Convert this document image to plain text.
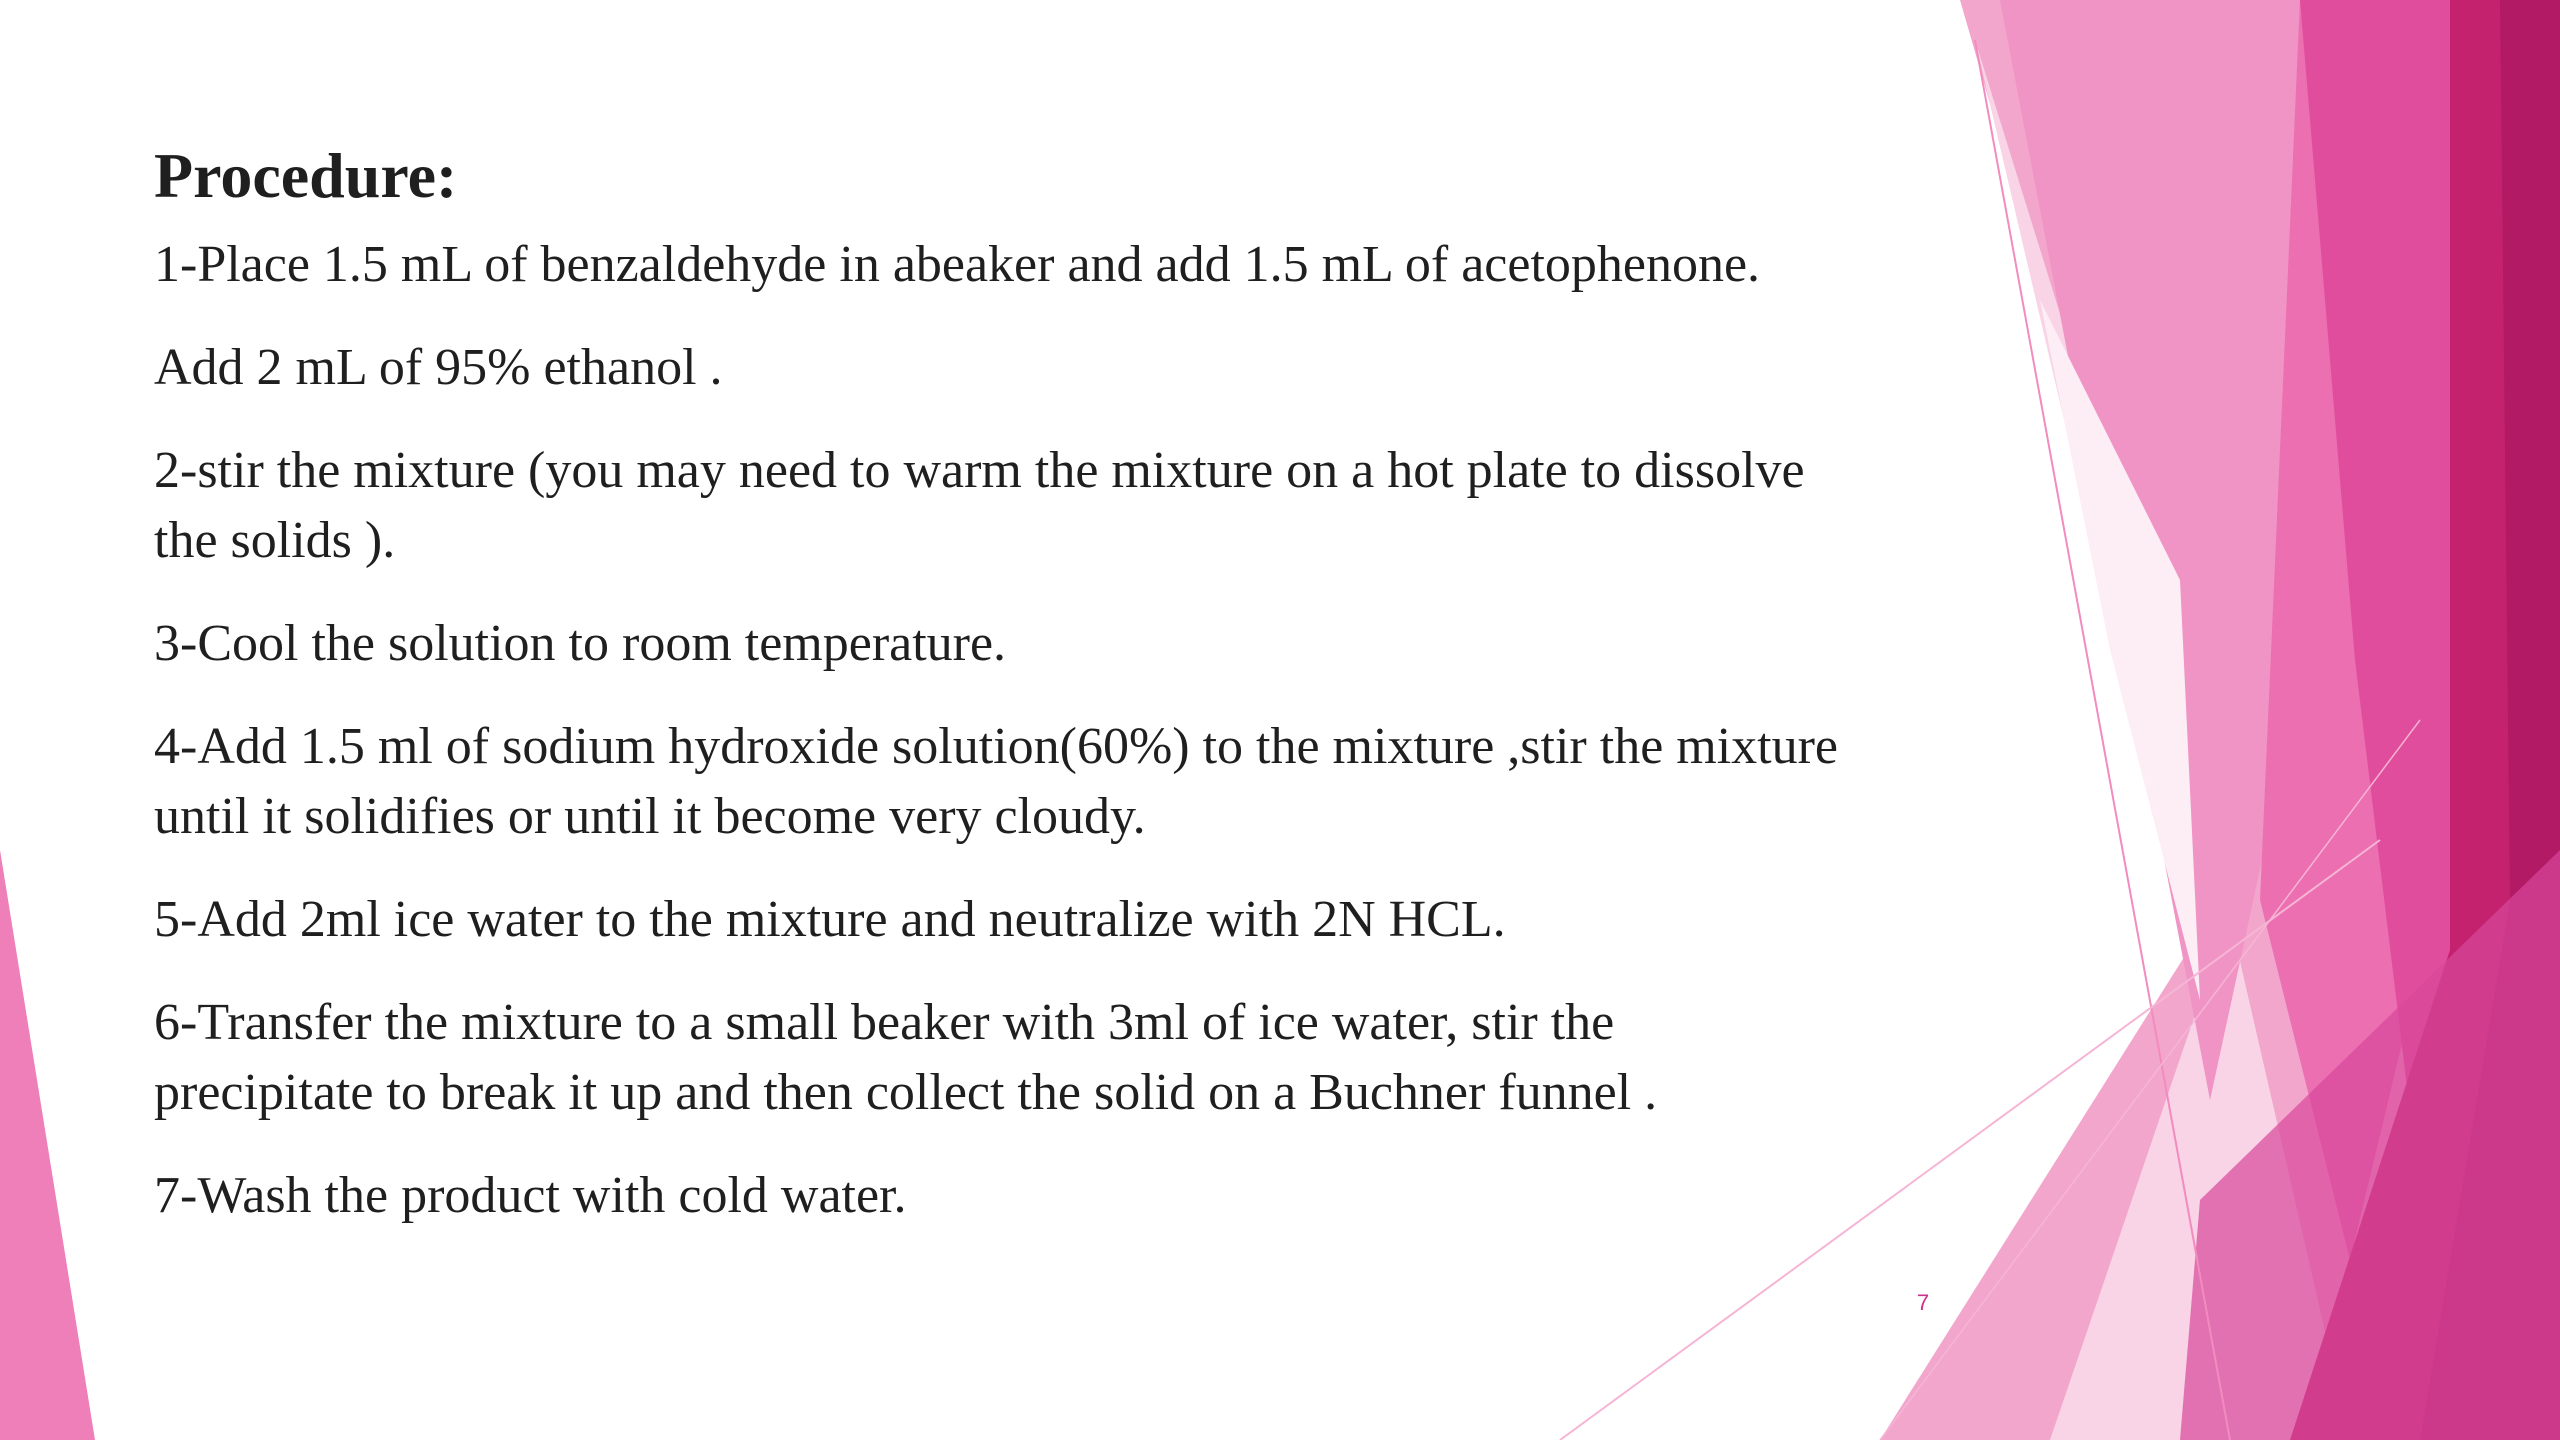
Procedure:
1-Place 1.5 mL of benzaldehyde in abeaker and add 1.5 mL of acetophenone.
Add 2 mL of 95% ethanol .
2-stir the mixture (you may need to warm the mixture on a hot plate to dissolve
the solids ).
3-Cool the solution to room temperature.
4-Add 1.5 ml of sodium hydroxide solution(60%) to the mixture ,stir the mixture
until it solidifies or until it become very cloudy.
5-Add 2ml ice water to the mixture and neutralize with 2N HCL.
6-Transfer the mixture to a small beaker with 3ml of ice water, stir the
precipitate to break it up and then collect the solid on a Buchner funnel .
7-Wash the product with cold water.
7
